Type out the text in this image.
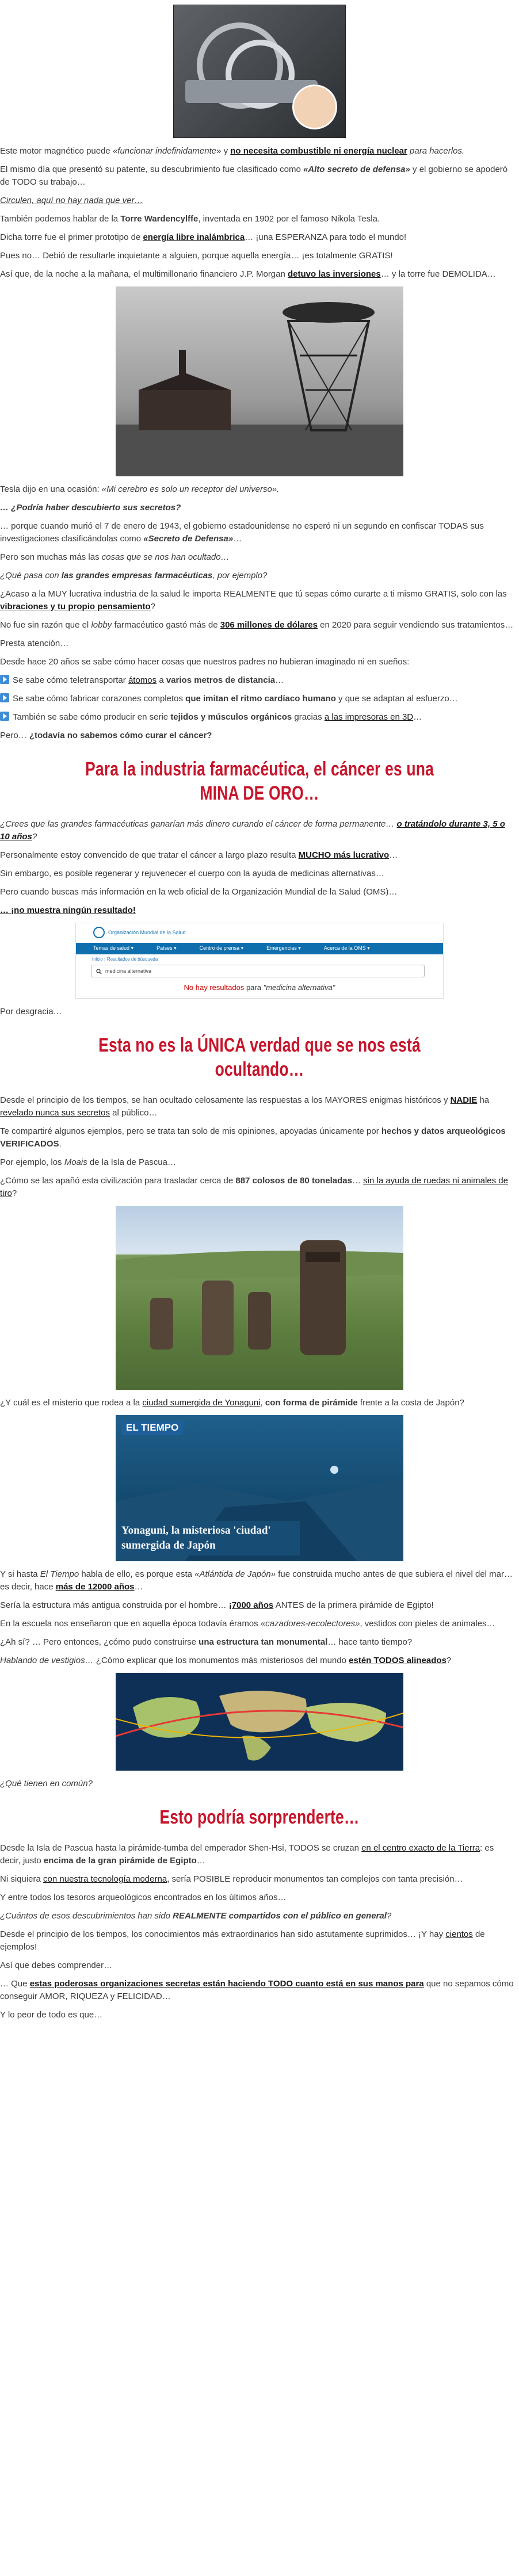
Este motor magnético puede «funcionar indefinidamente» y no necesita combustible ni energía nuclear para hacerlos.

El mismo día que presentó su patente, su descubrimiento fue clasificado como «Alto secreto de defensa» y el gobierno se apoderó de TODO su trabajo…

Circulen, aquí no hay nada que ver…

También podemos hablar de la Torre Wardencylffe, inventada en 1902 por el famoso Nikola Tesla.

Dicha torre fue el primer prototipo de energía libre inalámbrica… ¡una ESPERANZA para todo el mundo!

Pues no… Debió de resultarle inquietante a alguien, porque aquella energía… ¡es totalmente GRATIS!

Así que, de la noche a la mañana, el multimillonario financiero J.P. Morgan detuvo las inversiones… y la torre fue DEMOLIDA…

Tesla dijo en una ocasión: «Mi cerebro es solo un receptor del universo».

… ¿Podría haber descubierto sus secretos?

… porque cuando murió el 7 de enero de 1943, el gobierno estadounidense no esperó ni un segundo en confiscar TODAS sus investigaciones clasificándolas como «Secreto de Defensa»…

Pero son muchas más las cosas que se nos han ocultado…

¿Qué pasa con las grandes empresas farmacéuticas, por ejemplo?

¿Acaso a la MUY lucrativa industria de la salud le importa REALMENTE que tú sepas cómo curarte a ti mismo GRATIS, solo con las vibraciones y tu propio pensamiento?

No fue sin razón que el lobby farmacéutico gastó más de 306 millones de dólares en 2020 para seguir vendiendo sus tratamientos…

Presta atención…

Desde hace 20 años se sabe cómo hacer cosas que nuestros padres no hubieran imaginado ni en sueños:

Se sabe cómo teletransportar átomos a varios metros de distancia…

Se sabe cómo fabricar corazones completos que imitan el ritmo cardíaco humano y que se adaptan al esfuerzo…

También se sabe cómo producir en serie tejidos y músculos orgánicos gracias a las impresoras en 3D…

Pero… ¿todavía no sabemos cómo curar el cáncer?

Para la industria farmacéutica, el cáncer es una MINA DE ORO…

¿Crees que las grandes farmacéuticas ganarían más dinero curando el cáncer de forma permanente… o tratándolo durante 3, 5 o 10 años?

Personalmente estoy convencido de que tratar el cáncer a largo plazo resulta MUCHO más lucrativo…

Sin embargo, es posible regenerar y rejuvenecer el cuerpo con la ayuda de medicinas alternativas…

Pero cuando buscas más información en la web oficial de la Organización Mundial de la Salud (OMS)…

… ¡no muestra ningún resultado!

Organización Mundial de la Salud
Temas de salud ▾	Países ▾	Centro de prensa ▾	Emergencias ▾	Acerca de la OMS ▾
Inicio › Resultados de búsqueda
medicina alternativa
No hay resultados para "medicina alternativa"

Por desgracia…

Esta no es la ÚNICA verdad que se nos está ocultando…

Desde el principio de los tiempos, se han ocultado celosamente las respuestas a los MAYORES enigmas históricos y NADIE ha revelado nunca sus secretos al público…

Te compartiré algunos ejemplos, pero se trata tan solo de mis opiniones, apoyadas únicamente por hechos y datos arqueológicos VERIFICADOS.

Por ejemplo, los Moais de la Isla de Pascua…

¿Cómo se las apañó esta civilización para trasladar cerca de 887 colosos de 80 toneladas… sin la ayuda de ruedas ni animales de tiro?

¿Y cuál es el misterio que rodea a la ciudad sumergida de Yonaguni, con forma de pirámide frente a la costa de Japón?

EL TIEMPO
Yonaguni, la misteriosa 'ciudad' sumergida de Japón

Y si hasta El Tiempo habla de ello, es porque esta «Atlántida de Japón» fue construida mucho antes de que subiera el nivel del mar… es decir, hace más de 12000 años…

Sería la estructura más antigua construida por el hombre… ¡7000 años ANTES de la primera pirámide de Egipto!

En la escuela nos enseñaron que en aquella época todavía éramos «cazadores-recolectores», vestidos con pieles de animales…

¿Ah sí? … Pero entonces, ¿cómo pudo construirse una estructura tan monumental… hace tanto tiempo?

Hablando de vestigios… ¿Cómo explicar que los monumentos más misteriosos del mundo estén TODOS alineados?

¿Qué tienen en común?

Esto podría sorprenderte…

Desde la Isla de Pascua hasta la pirámide-tumba del emperador Shen-Hsi, TODOS se cruzan en el centro exacto de la Tierra: es decir, justo encima de la gran pirámide de Egipto…

Ni siquiera con nuestra tecnología moderna, sería POSIBLE reproducir monumentos tan complejos con tanta precisión…

Y entre todos los tesoros arqueológicos encontrados en los últimos años…

¿Cuántos de esos descubrimientos han sido REALMENTE compartidos con el público en general?

Desde el principio de los tiempos, los conocimientos más extraordinarios han sido astutamente suprimidos… ¡Y hay cientos de ejemplos!

Así que debes comprender…

… Que estas poderosas organizaciones secretas están haciendo TODO cuanto está en sus manos para que no sepamos cómo conseguir AMOR, RIQUEZA y FELICIDAD…

Y lo peor de todo es que…
